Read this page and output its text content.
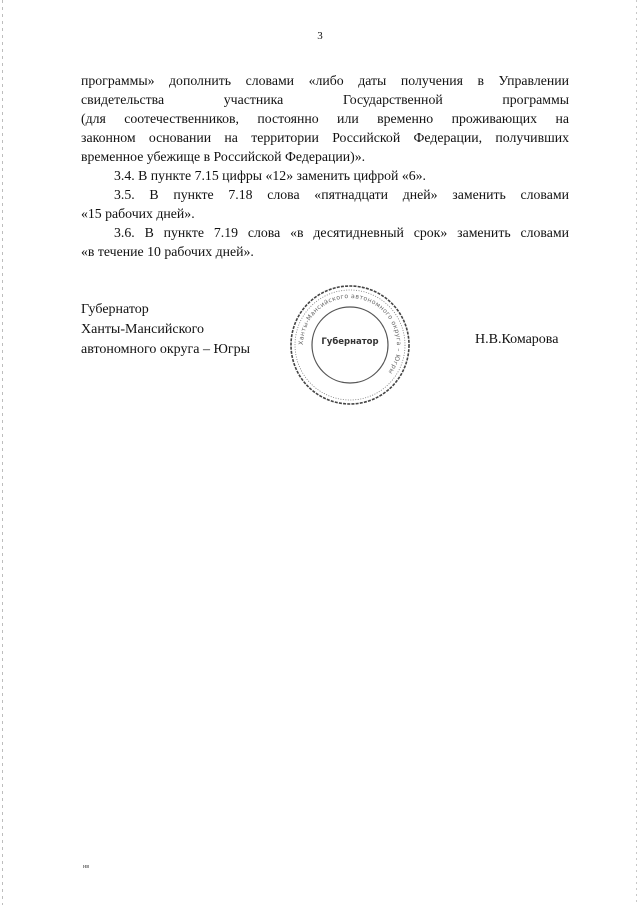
3
программы» дополнить словами «либо даты получения в Управлении
свидетельства участника Государственной программы
(для соотечественников, постоянно или временно проживающих на
законном основании на территории Российской Федерации, получивших
временное убежище в Российской Федерации)».
3.4. В пункте 7.15 цифры «12» заменить цифрой «6».
3.5. В пункте 7.18 слова «пятнадцати дней» заменить словами
«15 рабочих дней».
3.6. В пункте 7.19 слова «в десятидневный срок» заменить словами
«в течение 10 рабочих дней».
Губернатор
Ханты-Мансийского
автономного округа – Югры
Н.В.Комарова
Ханты-Мансийского автономного округа – Югры
Губернатор
нв
